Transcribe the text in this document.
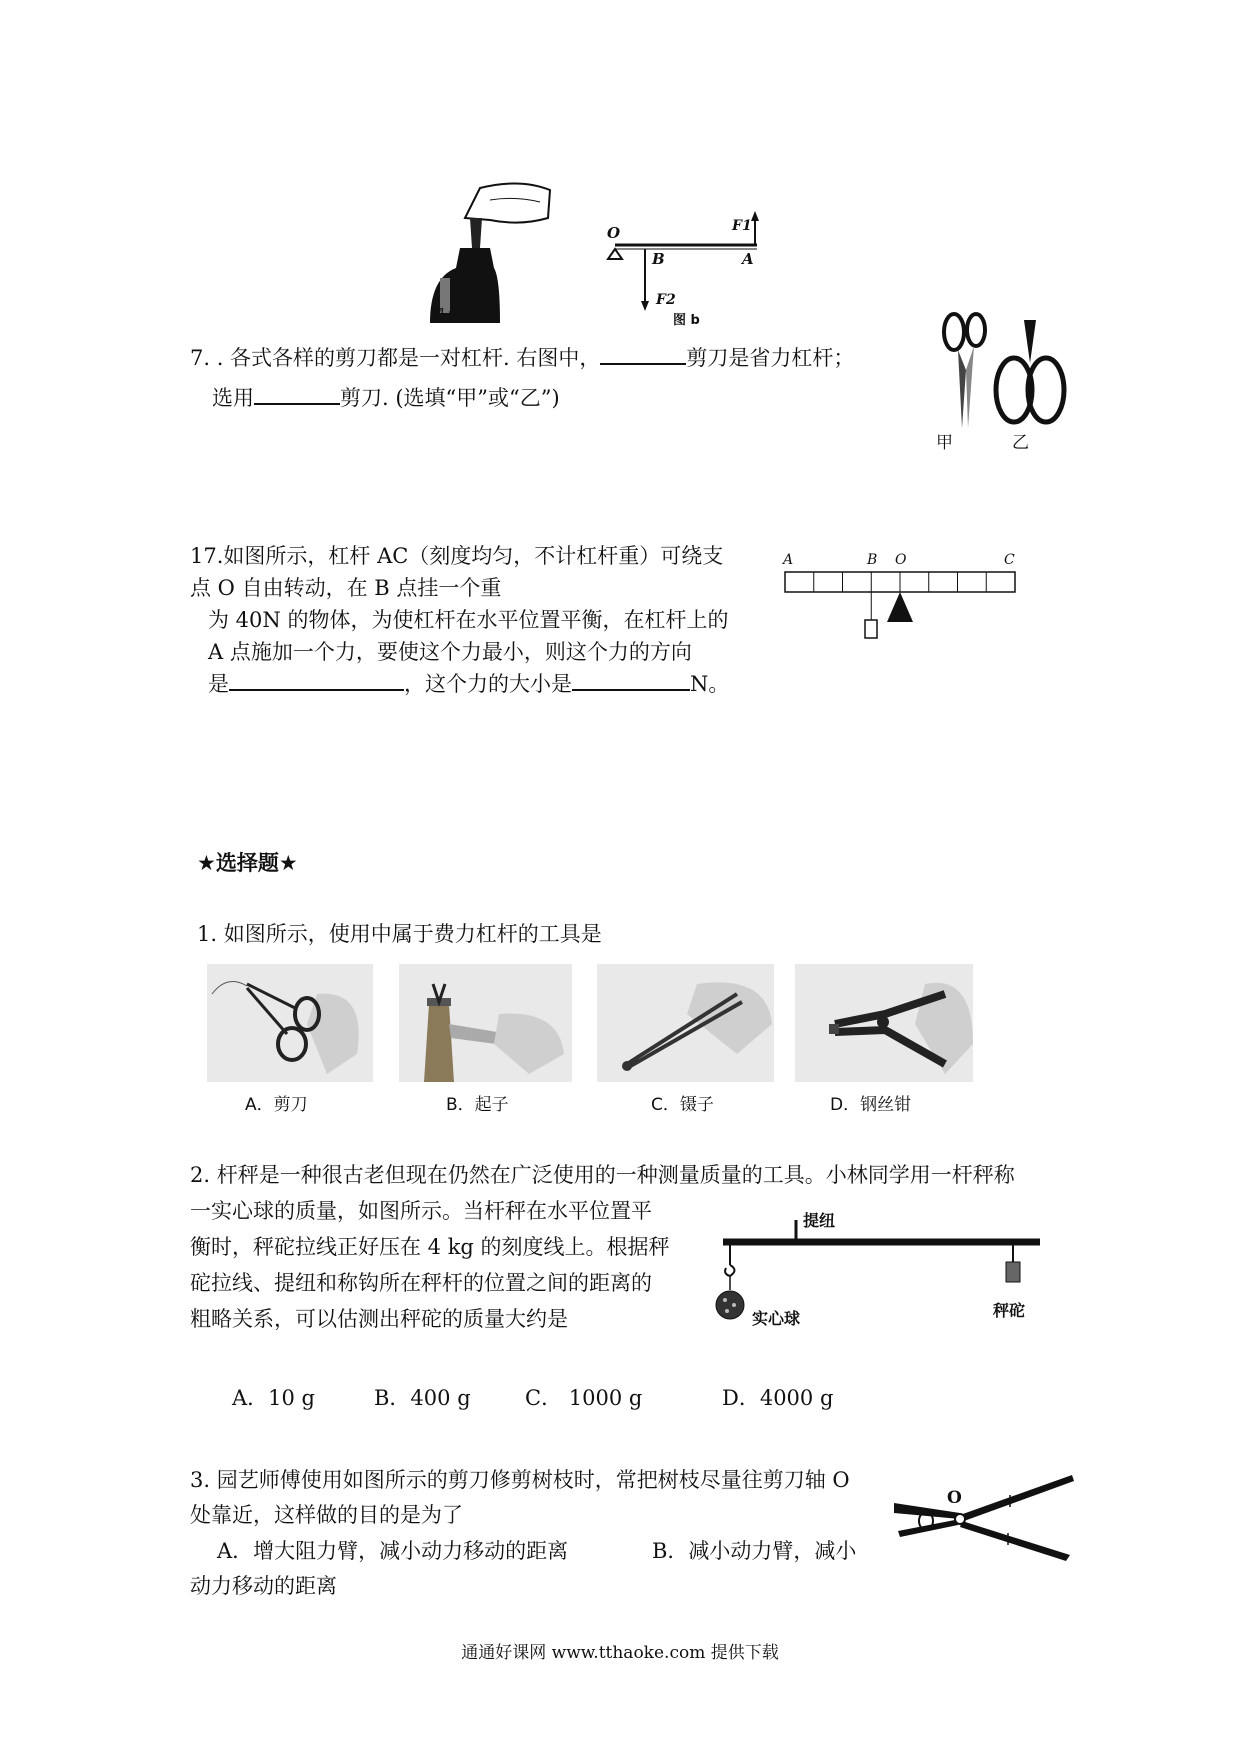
图 a
O
B	A
F1
F2
图 b
7. . 各式各样的剪刀都是一对杠杆. 右图中，	剪刀是省力杠杆；
选用	剪刀. (选填“甲”或“乙”)
甲	乙
17.如图所示，杠杆 AC（刻度均匀，不计杠杆重）可绕支
点 O 自由转动，在 B 点挂一个重
为 40N 的物体，为使杠杆在水平位置平衡，在杠杆上的
A 点施加一个力，要使这个力最小，则这个力的方向
是	，这个力的大小是	N。
A	B O	C
★选择题★
1. 如图所示，使用中属于费力杠杆的工具是
A．剪刀	B．起子	C．镊子	D．钢丝钳
2. 杆秤是一种很古老但现在仍然在广泛使用的一种测量质量的工具。小林同学用一杆秤称
一实心球的质量，如图所示。当杆秤在水平位置平
衡时，秤砣拉线正好压在 4 kg 的刻度线上。根据秤
砣拉线、提纽和称钩所在秤杆的位置之间的距离的
粗略关系，可以估测出秤砣的质量大约是
提纽
实心球	秤砣
A．10 g	B．400 g	C． 1000 g	D．4000 g
3. 园艺师傅使用如图所示的剪刀修剪树枝时，常把树枝尽量往剪刀轴 O
处靠近，这样做的目的是为了
A．增大阻力臂，减小动力移动的距离	B．减小动力臂，减小
动力移动的距离
O
通通好课网 www.tthaoke.com 提供下载
